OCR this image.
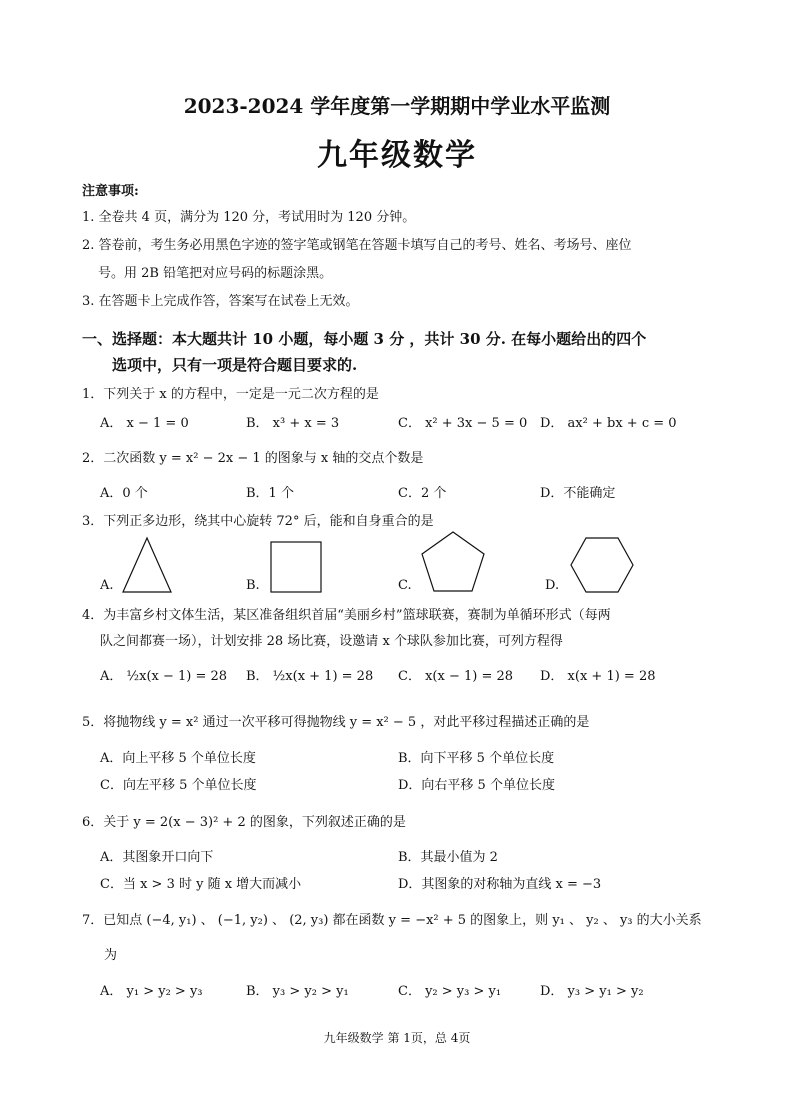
2023-2024 学年度第一学期期中学业水平监测
九年级数学
注意事项:
1. 全卷共 4 页，满分为 120 分，考试用时为 120 分钟。
2. 答卷前，考生务必用黑色字迹的签字笔或钢笔在答题卡填写自己的考号、姓名、考场号、座位
号。用 2B 铅笔把对应号码的标题涂黑。
3. 在答题卡上完成作答，答案写在试卷上无效。
一、选择题：本大题共计 10 小题，每小题 3 分 ，共计 30 分. 在每小题给出的四个
选项中，只有一项是符合题目要求的.
1．下列关于 x 的方程中，一定是一元二次方程的是
A． x − 1 = 0	B． x³ + x = 3	C． x² + 3x − 5 = 0 D． ax² + bx + c = 0
2．二次函数 y = x² − 2x − 1 的图象与 x 轴的交点个数是
A．0 个	B．1 个	C．2 个	D．不能确定
3．下列正多边形，绕其中心旋转 72° 后，能和自身重合的是
A.	B.	C.	D.
4．为丰富乡村文体生活，某区准备组织首届“美丽乡村”篮球联赛，赛制为单循环形式（每两
队之间都赛一场），计划安排 28 场比赛，设邀请 x 个球队参加比赛，可列方程得
A． ½x(x − 1) = 28 B． ½x(x + 1) = 28 C． x(x − 1) = 28 D． x(x + 1) = 28
5．将抛物线 y = x² 通过一次平移可得抛物线 y = x² − 5 ，对此平移过程描述正确的是
A．向上平移 5 个单位长度	B．向下平移 5 个单位长度
C．向左平移 5 个单位长度	D．向右平移 5 个单位长度
6．关于 y = 2(x − 3)² + 2 的图象，下列叙述正确的是
A．其图象开口向下	B．其最小值为 2
C．当 x > 3 时 y 随 x 增大而减小	D．其图象的对称轴为直线 x = −3
7．已知点 (−4, y₁) 、 (−1, y₂) 、 (2, y₃) 都在函数 y = −x² + 5 的图象上，则 y₁ 、 y₂ 、 y₃ 的大小关系
为
A． y₁ > y₂ > y₃	B． y₃ > y₂ > y₁	C． y₂ > y₃ > y₁	D． y₃ > y₁ > y₂
九年级数学 第 1页，总 4页
